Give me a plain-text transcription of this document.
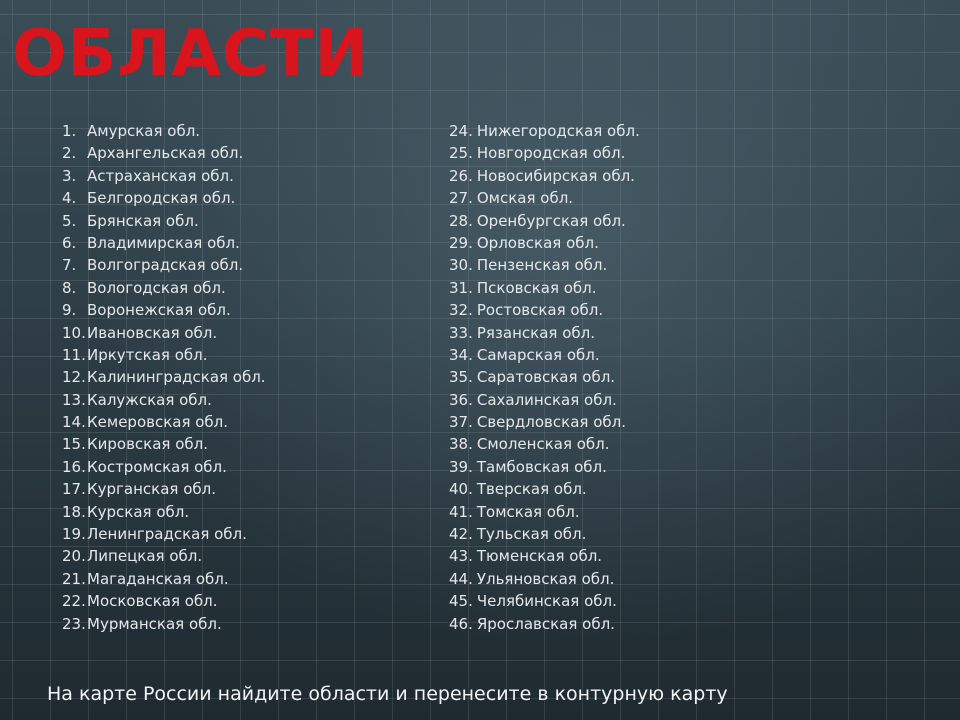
ОБЛАСТИ
1. Амурская обл.
2. Архангельская обл.
3. Астраханская обл.
4. Белгородская обл.
5. Брянская обл.
6. Владимирская обл.
7. Волгоградская обл.
8. Вологодская обл.
9. Воронежская обл.
10. Ивановская обл.
11. Иркутская обл.
12. Калининградская обл.
13. Калужская обл.
14. Кемеровская обл.
15. Кировская обл.
16. Костромская обл.
17. Курганская обл.
18. Курская обл.
19. Ленинградская обл.
20. Липецкая обл.
21. Магаданская обл.
22. Московская обл.
23. Мурманская обл.
24. Нижегородская обл.
25. Новгородская обл.
26. Новосибирская обл.
27. Омская обл.
28. Оренбургская обл.
29. Орловская обл.
30. Пензенская обл.
31. Псковская обл.
32. Ростовская обл.
33. Рязанская обл.
34. Самарская обл.
35. Саратовская обл.
36. Сахалинская обл.
37. Свердловская обл.
38. Смоленская обл.
39. Тамбовская обл.
40. Тверская обл.
41. Томская обл.
42. Тульская обл.
43. Тюменская обл.
44. Ульяновская обл.
45. Челябинская обл.
46. Ярославская обл.
На карте России найдите области и перенесите в контурную карту
